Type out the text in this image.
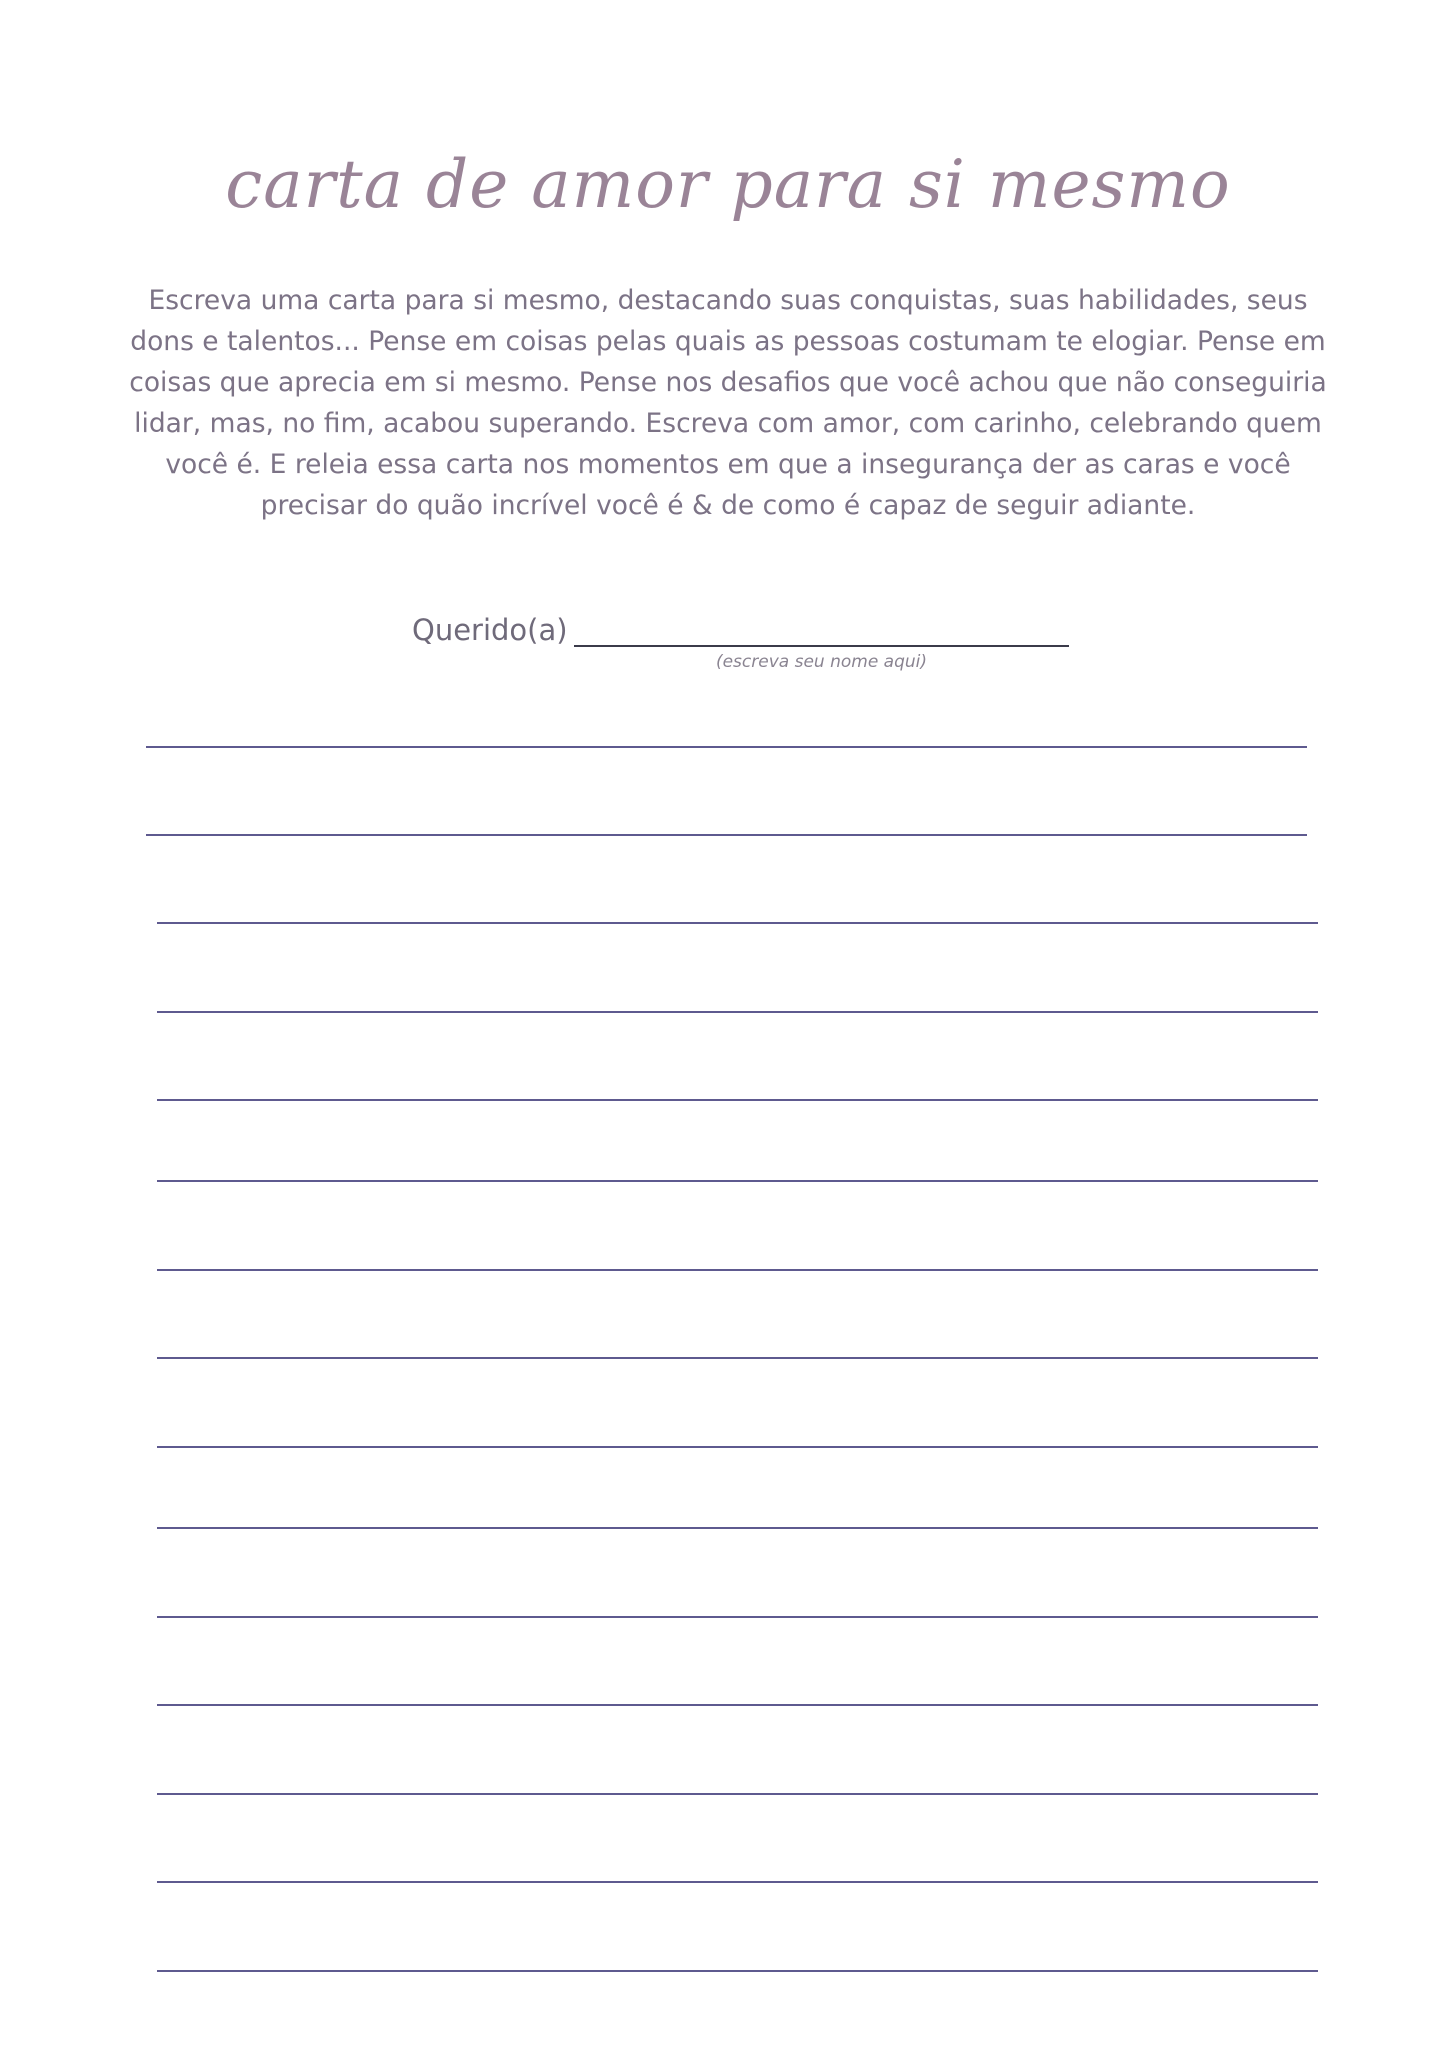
carta de amor para si mesmo

Escreva uma carta para si mesmo, destacando suas conquistas, suas habilidades, seus dons e talentos... Pense em coisas pelas quais as pessoas costumam te elogiar. Pense em coisas que aprecia em si mesmo. Pense nos desafios que você achou que não conseguiria lidar, mas, no fim, acabou superando. Escreva com amor, com carinho, celebrando quem você é. E releia essa carta nos momentos em que a insegurança der as caras e você precisar do quão incrível você é & de como é capaz de seguir adiante.

Querido(a)
(escreva seu nome aqui)
